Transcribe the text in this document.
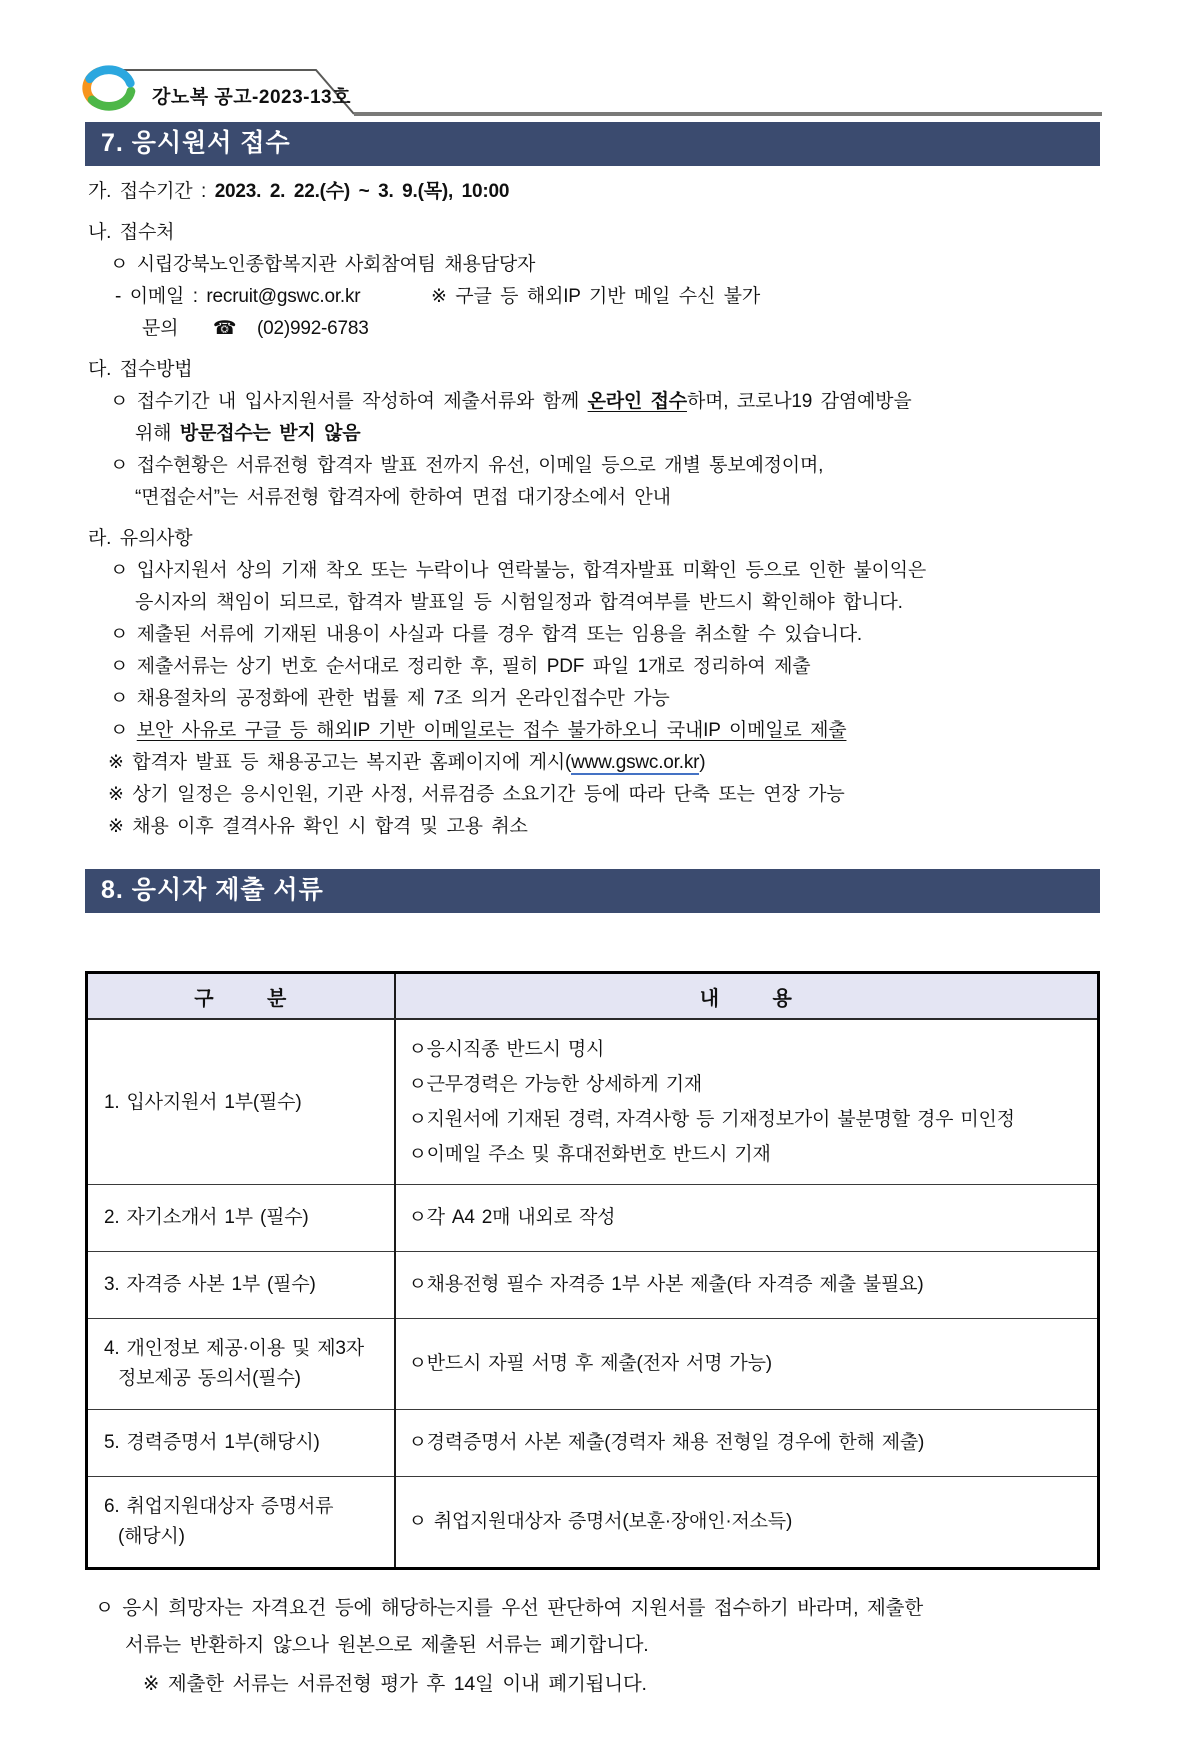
강노복 공고-2023-13호
7. 응시원서 접수

가. 접수기간 : 2023. 2. 22.(수) ~ 3. 9.(목), 10:00

나. 접수처

ㅇ 시립강북노인종합복지관 사회참여팀 채용담당자

- 이메일 : recruit@gswc.or.kr	※ 구글 등 해외IP 기반 메일 수신 불가

문의 ☎ (02)992-6783

다. 접수방법

ㅇ 접수기간 내 입사지원서를 작성하여 제출서류와 함께 온라인 접수하며, 코로나19 감염예방을

위해 방문접수는 받지 않음

ㅇ 접수현황은 서류전형 합격자 발표 전까지 유선, 이메일 등으로 개별 통보예정이며,

“면접순서”는 서류전형 합격자에 한하여 면접 대기장소에서 안내

라. 유의사항

ㅇ 입사지원서 상의 기재 착오 또는 누락이나 연락불능, 합격자발표 미확인 등으로 인한 불이익은

응시자의 책임이 되므로, 합격자 발표일 등 시험일정과 합격여부를 반드시 확인해야 합니다.

ㅇ 제출된 서류에 기재된 내용이 사실과 다를 경우 합격 또는 임용을 취소할 수 있습니다.

ㅇ 제출서류는 상기 번호 순서대로 정리한 후, 필히 PDF 파일 1개로 정리하여 제출

ㅇ 채용절차의 공정화에 관한 법률 제 7조 의거 온라인접수만 가능

ㅇ 보안 사유로 구글 등 해외IP 기반 이메일로는 접수 불가하오니 국내IP 이메일로 제출

※ 합격자 발표 등 채용공고는 복지관 홈페이지에 게시(www.gswc.or.kr)

※ 상기 일정은 응시인원, 기관 사정, 서류검증 소요기간 등에 따라 단축 또는 연장 가능

※ 채용 이후 결격사유 확인 시 합격 및 고용 취소

8. 응시자 제출 서류
구        분	내        용

1. 입사지원서 1부(필수)	ㅇ응시직종 반드시 명시
ㅇ근무경력은 가능한 상세하게 기재
ㅇ지원서에 기재된 경력, 자격사항 등 기재정보가이 불분명할 경우 미인정
ㅇ이메일 주소 및 휴대전화번호 반드시 기재

2. 자기소개서 1부 (필수)	ㅇ각 A4 2매 내외로 작성

3. 자격증 사본 1부 (필수)	ㅇ채용전형 필수 자격증 1부 사본 제출(타 자격증 제출 불필요)

4. 개인정보 제공·이용 및 제3자
정보제공 동의서(필수)	ㅇ반드시 자필 서명 후 제출(전자 서명 가능)

5. 경력증명서 1부(해당시)	ㅇ경력증명서 사본 제출(경력자 채용 전형일 경우에 한해 제출)

6. 취업지원대상자 증명서류
(해당시)	ㅇ 취업지원대상자 증명서(보훈·장애인·저소득)

ㅇ 응시 희망자는 자격요건 등에 해당하는지를 우선 판단하여 지원서를 접수하기 바라며, 제출한

서류는 반환하지 않으나 원본으로 제출된 서류는 폐기합니다.

※ 제출한 서류는 서류전형 평가 후 14일 이내 폐기됩니다.
